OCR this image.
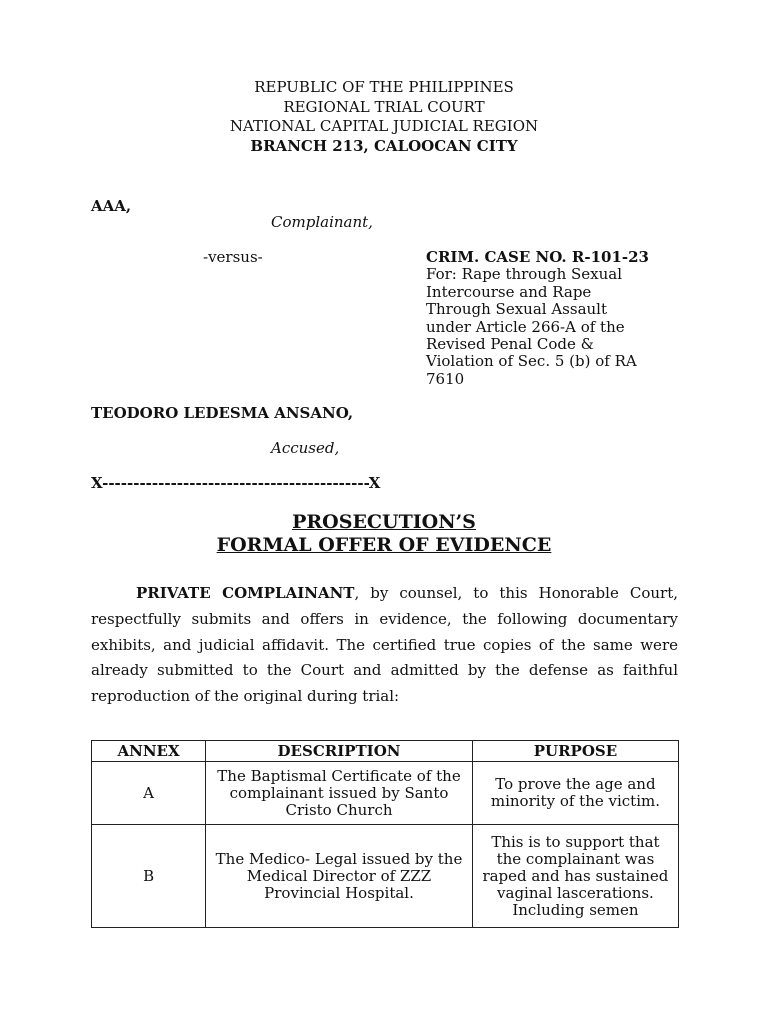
REPUBLIC OF THE PHILIPPINES
REGIONAL TRIAL COURT
NATIONAL CAPITAL JUDICIAL REGION
BRANCH 213, CALOOCAN CITY
AAA,
Complainant,
-versus-	CRIM. CASE NO. R-101-23
For: Rape through Sexual
Intercourse and Rape
Through Sexual Assault
under Article 266-A of the
Revised Penal Code &
Violation of Sec. 5 (b) of RA
7610
TEODORO LEDESMA ANSANO,
Accused,
X-------------------------------------------X
PROSECUTION’S
FORMAL OFFER OF EVIDENCE
PRIVATE COMPLAINANT, by counsel, to this Honorable Court, respectfully submits and offers in evidence, the following documentary exhibits, and judicial affidavit. The certified true copies of the same were already submitted to the Court and admitted by the defense as faithful reproduction of the original during trial:
ANNEX	DESCRIPTION	PURPOSE
A	The Baptismal Certificate of the complainant issued by Santo Cristo Church	To prove the age and minority of the victim.
B	The Medico- Legal issued by the Medical Director of ZZZ Provincial Hospital.	This is to support that the complainant was raped and has sustained vaginal lascerations. Including semen
